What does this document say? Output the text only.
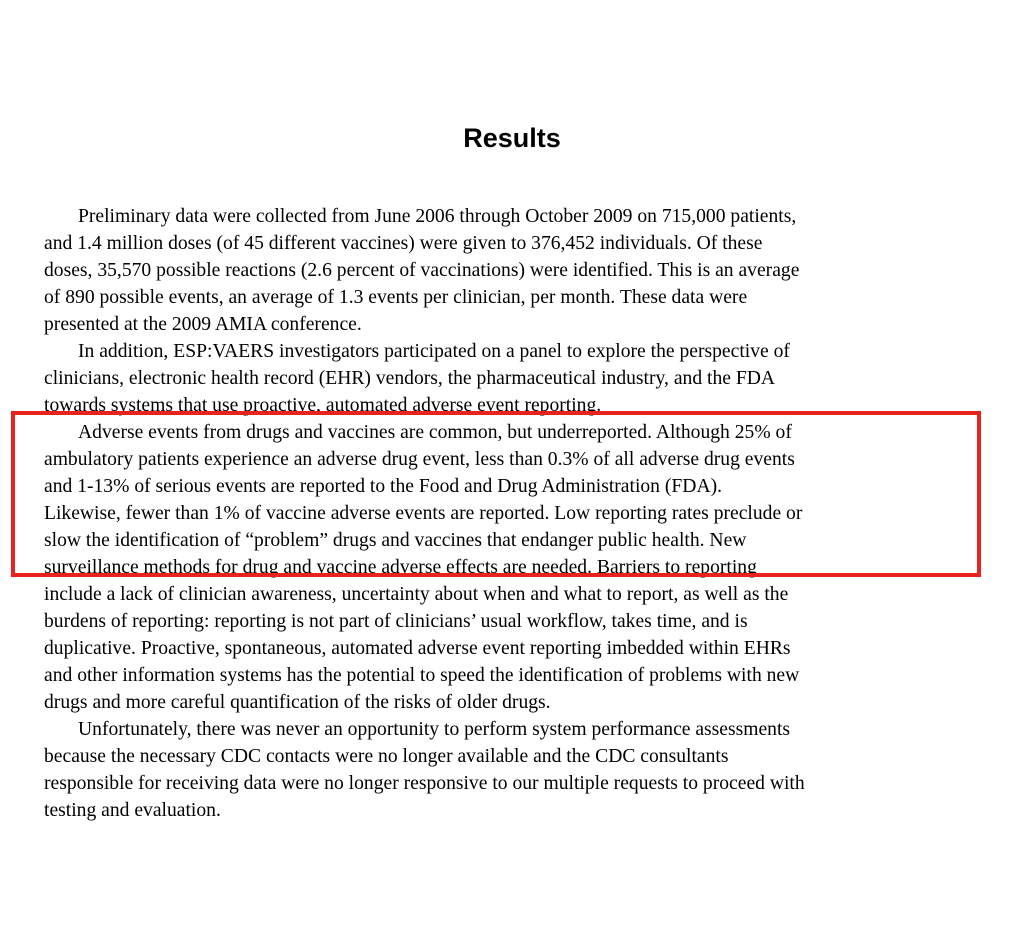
Results
Preliminary data were collected from June 2006 through October 2009 on 715,000 patients,
and 1.4 million doses (of 45 different vaccines) were given to 376,452 individuals. Of these
doses, 35,570 possible reactions (2.6 percent of vaccinations) were identified. This is an average
of 890 possible events, an average of 1.3 events per clinician, per month. These data were
presented at the 2009 AMIA conference.
In addition, ESP:VAERS investigators participated on a panel to explore the perspective of
clinicians, electronic health record (EHR) vendors, the pharmaceutical industry, and the FDA
towards systems that use proactive, automated adverse event reporting.
Adverse events from drugs and vaccines are common, but underreported. Although 25% of
ambulatory patients experience an adverse drug event, less than 0.3% of all adverse drug events
and 1-13% of serious events are reported to the Food and Drug Administration (FDA).
Likewise, fewer than 1% of vaccine adverse events are reported. Low reporting rates preclude or
slow the identification of “problem” drugs and vaccines that endanger public health. New
surveillance methods for drug and vaccine adverse effects are needed. Barriers to reporting
include a lack of clinician awareness, uncertainty about when and what to report, as well as the
burdens of reporting: reporting is not part of clinicians’ usual workflow, takes time, and is
duplicative. Proactive, spontaneous, automated adverse event reporting imbedded within EHRs
and other information systems has the potential to speed the identification of problems with new
drugs and more careful quantification of the risks of older drugs.
Unfortunately, there was never an opportunity to perform system performance assessments
because the necessary CDC contacts were no longer available and the CDC consultants
responsible for receiving data were no longer responsive to our multiple requests to proceed with
testing and evaluation.
